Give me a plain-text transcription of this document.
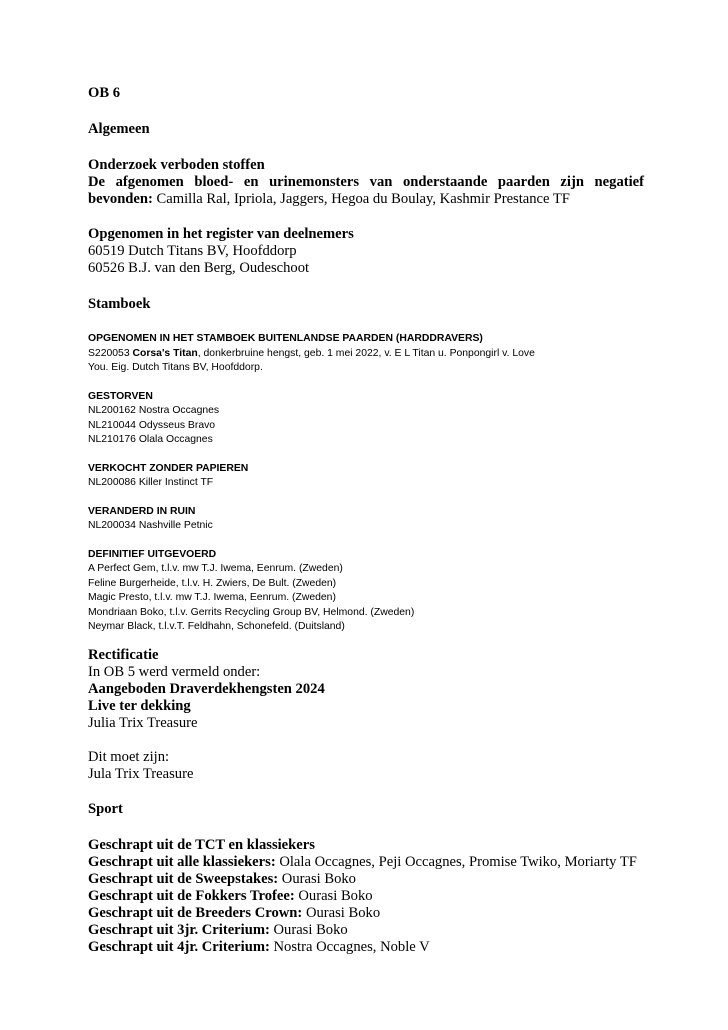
OB 6

Algemeen

Onderzoek verboden stoffen

De afgenomen bloed- en urinemonsters van onderstaande paarden zijn negatief

bevonden: Camilla Ral, Ipriola, Jaggers, Hegoa du Boulay, Kashmir Prestance TF

Opgenomen in het register van deelnemers

60519 Dutch Titans BV, Hoofddorp

60526 B.J. van den Berg, Oudeschoot

Stamboek

OPGENOMEN IN HET STAMBOEK BUITENLANDSE PAARDEN (HARDDRAVERS)

S220053 Corsa's Titan, donkerbruine hengst, geb. 1 mei 2022, v. E L Titan u. Ponpongirl v. Love

You. Eig. Dutch Titans BV, Hoofddorp.

GESTORVEN

NL200162 Nostra Occagnes

NL210044 Odysseus Bravo

NL210176 Olala Occagnes

VERKOCHT ZONDER PAPIEREN

NL200086 Killer Instinct TF

VERANDERD IN RUIN

NL200034 Nashville Petnic

DEFINITIEF UITGEVOERD

A Perfect Gem, t.l.v. mw T.J. Iwema, Eenrum. (Zweden)

Feline Burgerheide, t.l.v. H. Zwiers, De Bult. (Zweden)

Magic Presto, t.l.v. mw T.J. Iwema, Eenrum. (Zweden)

Mondriaan Boko, t.l.v. Gerrits Recycling Group BV, Helmond. (Zweden)

Neymar Black, t.l.v.T. Feldhahn, Schonefeld. (Duitsland)

Rectificatie

In OB 5 werd vermeld onder:

Aangeboden Draverdekhengsten 2024

Live ter dekking

Julia Trix Treasure

Dit moet zijn:

Jula Trix Treasure

Sport

Geschrapt uit de TCT en klassiekers

Geschrapt uit alle klassiekers: Olala Occagnes, Peji Occagnes, Promise Twiko, Moriarty TF

Geschrapt uit de Sweepstakes: Ourasi Boko

Geschrapt uit de Fokkers Trofee: Ourasi Boko

Geschrapt uit de Breeders Crown: Ourasi Boko

Geschrapt uit 3jr. Criterium: Ourasi Boko

Geschrapt uit 4jr. Criterium: Nostra Occagnes, Noble V
